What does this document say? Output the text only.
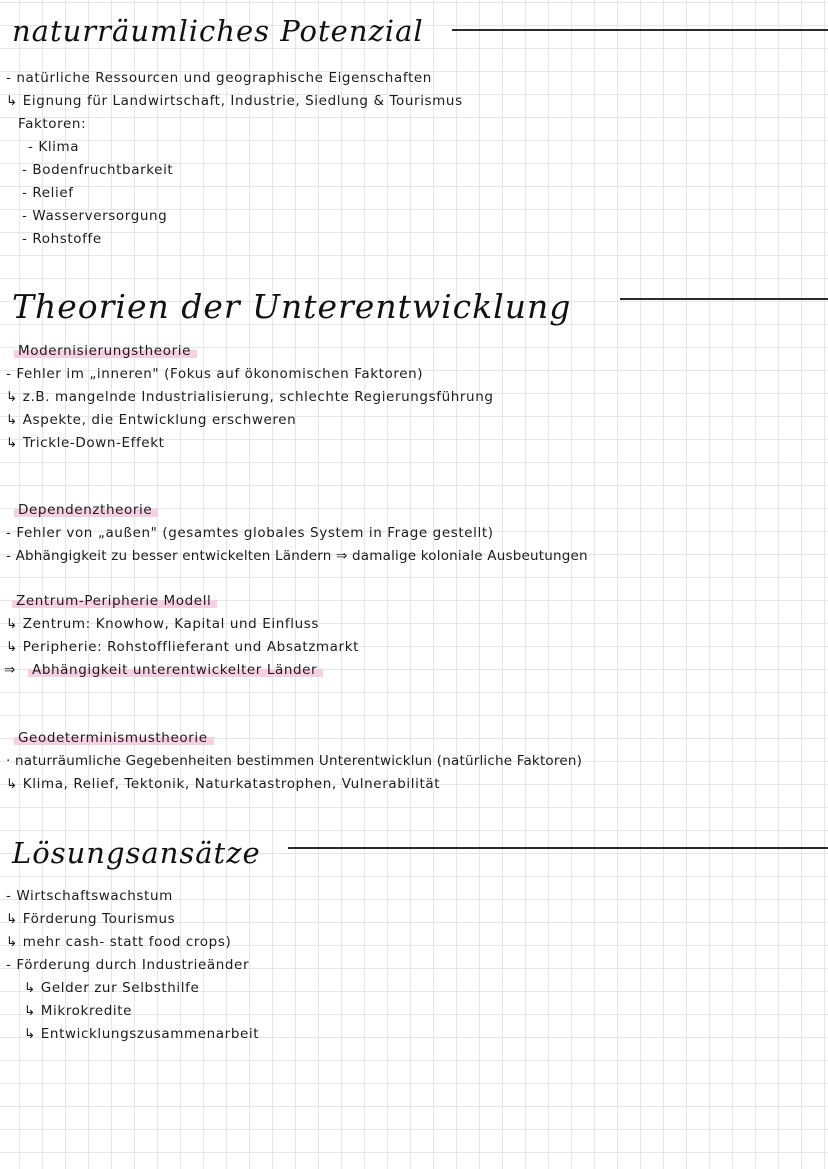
naturräumliches Potenzial
- natürliche Ressourcen und geographische Eigenschaften
↳ Eignung für Landwirtschaft, Industrie, Siedlung & Tourismus
Faktoren:
- Klima
- Bodenfruchtbarkeit
- Relief
- Wasserversorgung
- Rohstoffe
Theorien der Unterentwicklung
Modernisierungstheorie
- Fehler im „inneren" (Fokus auf ökonomischen Faktoren)
↳ z.B. mangelnde Industrialisierung, schlechte Regierungsführung
↳ Aspekte, die Entwicklung erschweren
↳ Trickle-Down-Effekt
Dependenztheorie
- Fehler von „außen" (gesamtes globales System in Frage gestellt)
- Abhängigkeit zu besser entwickelten Ländern ⇒ damalige koloniale Ausbeutungen
Zentrum-Peripherie Modell
↳ Zentrum: Knowhow, Kapital und Einfluss
↳ Peripherie: Rohstofflieferant und Absatzmarkt
⇒ Abhängigkeit unterentwickelter Länder
Geodeterminismustheorie
· naturräumliche Gegebenheiten bestimmen Unterentwicklun (natürliche Faktoren)
↳ Klima, Relief, Tektonik, Naturkatastrophen, Vulnerabilität
Lösungsansätze
- Wirtschaftswachstum
↳ Förderung Tourismus
↳ mehr cash- statt food crops)
- Förderung durch Industrieänder
↳ Gelder zur Selbsthilfe
↳ Mikrokredite
↳ Entwicklungszusammenarbeit
